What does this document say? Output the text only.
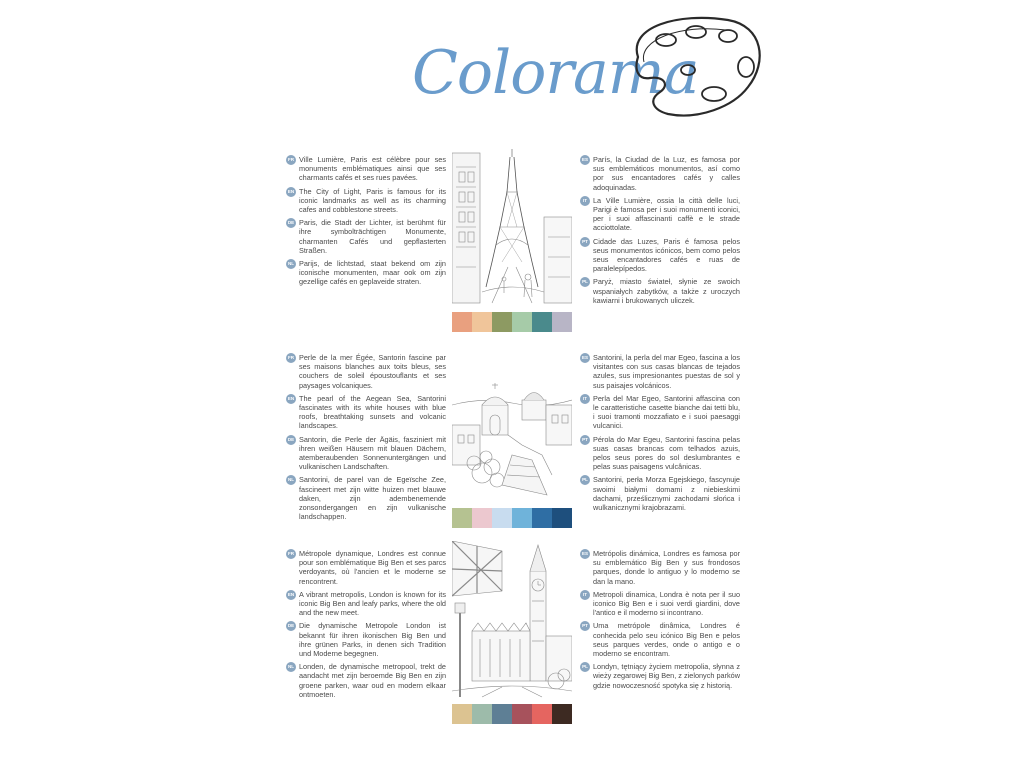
Colorama
FR Ville Lumière, Paris est célèbre pour ses monuments emblématiques ainsi que ses charmants cafés et ses rues pavées.
EN The City of Light, Paris is famous for its iconic landmarks as well as its charming cafes and cobblestone streets.
DE Paris, die Stadt der Lichter, ist berühmt für ihre symbolträchtigen Monumente, charmanten Cafés und gepflasterten Straßen.
NL Parijs, de lichtstad, staat bekend om zijn iconische monumenten, maar ook om zijn gezellige cafés en geplaveide straten.
ES París, la Ciudad de la Luz, es famosa por sus emblemáticos monumentos, así como por sus encantadores cafés y calles adoquinadas.
IT La Ville Lumière, ossia la città delle luci, Parigi è famosa per i suoi monumenti iconici, per i suoi affascinanti caffè e le strade acciottolate.
PT Cidade das Luzes, Paris é famosa pelos seus monumentos icónicos, bem como pelos seus encantadores cafés e ruas de paralelepípedos.
PL Paryż, miasto świateł, słynie ze swoich wspaniałych zabytków, a także z uroczych kawiarni i brukowanych uliczek.
FR Perle de la mer Égée, Santorin fascine par ses maisons blanches aux toits bleus, ses couchers de soleil époustouflants et ses paysages volcaniques.
EN The pearl of the Aegean Sea, Santorini fascinates with its white houses with blue roofs, breathtaking sunsets and volcanic landscapes.
DE Santorin, die Perle der Ägäis, fasziniert mit ihren weißen Häusern mit blauen Dächern, atemberaubenden Sonnenuntergängen und vulkanischen Landschaften.
NL Santorini, de parel van de Egeïsche Zee, fascineert met zijn witte huizen met blauwe daken, zijn adembenemende zonsondergangen en zijn vulkanische landschappen.
ES Santorini, la perla del mar Egeo, fascina a los visitantes con sus casas blancas de tejados azules, sus impresionantes puestas de sol y sus paisajes volcánicos.
IT Perla del Mar Egeo, Santorini affascina con le caratteristiche casette bianche dai tetti blu, i suoi tramonti mozzafiato e i suoi paesaggi vulcanici.
PT Pérola do Mar Egeu, Santorini fascina pelas suas casas brancas com telhados azuis, pelos seus pores do sol deslumbrantes e pelas suas paisagens vulcânicas.
PL Santorini, perła Morza Egejskiego, fascynuje swoimi białymi domami z niebieskimi dachami, prześlicznymi zachodami słońca i wulkanicznymi krajobrazami.
FR Métropole dynamique, Londres est connue pour son emblématique Big Ben et ses parcs verdoyants, où l'ancien et le moderne se rencontrent.
EN A vibrant metropolis, London is known for its iconic Big Ben and leafy parks, where the old and the new meet.
DE Die dynamische Metropole London ist bekannt für ihren ikonischen Big Ben und ihre grünen Parks, in denen sich Tradition und Moderne begegnen.
NL Londen, de dynamische metropool, trekt de aandacht met zijn beroemde Big Ben en zijn groene parken, waar oud en modern elkaar ontmoeten.
ES Metrópolis dinámica, Londres es famosa por su emblemático Big Ben y sus frondosos parques, donde lo antiguo y lo moderno se dan la mano.
IT Metropoli dinamica, Londra è nota per il suo iconico Big Ben e i suoi verdi giardini, dove l'antico e il moderno si incontrano.
PT Uma metrópole dinâmica, Londres é conhecida pelo seu icónico Big Ben e pelos seus parques verdes, onde o antigo e o moderno se encontram.
PL Londyn, tętniący życiem metropolia, słynna z wieży zegarowej Big Ben, z zielonych parków gdzie nowoczesność spotyka się z historią.
